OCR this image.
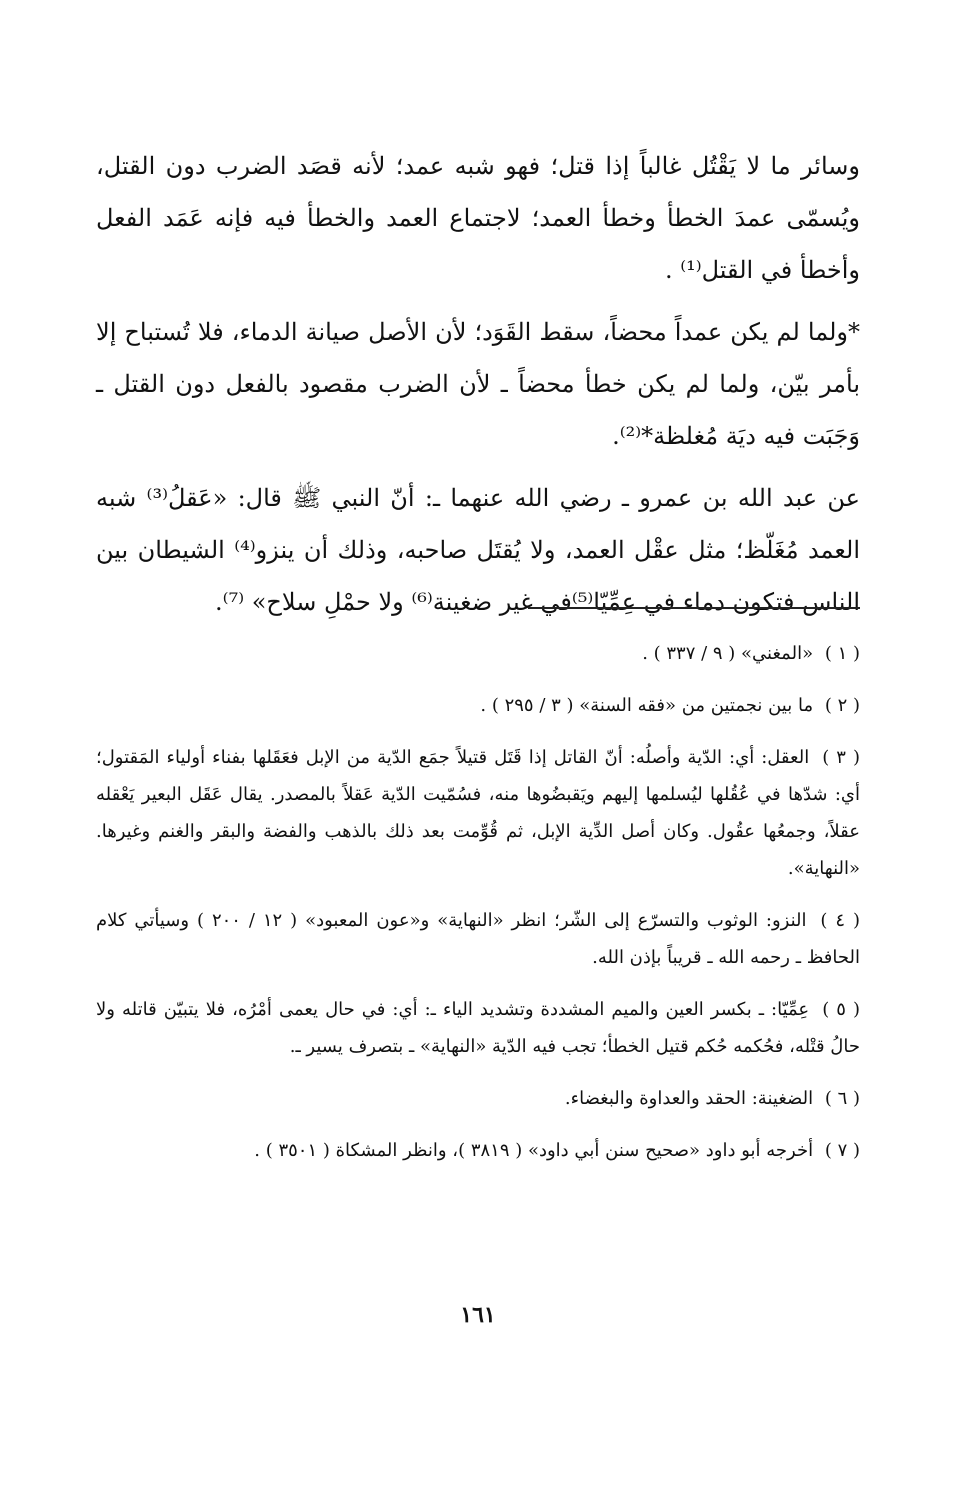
وسائر ما لا يَقْتُل غالباً إذا قتل؛ فهو شبه عمد؛ لأنه قصَد الضرب دون القتل، ويُسمّى عمدَ الخطأ وخطأ العمد؛ لاجتماع العمد والخطأ فيه فإنه عَمَد الفعل وأخطأ في القتل⁽¹⁾ .

*ولما لم يكن عمداً محضاً، سقط القَوَد؛ لأن الأصل صيانة الدماء، فلا تُستباح إلا بأمر بيّن، ولما لم يكن خطأ محضاً ـ لأن الضرب مقصود بالفعل دون القتل ـ وَجَبَت فيه ديَة مُغلظة*⁽²⁾.

عن عبد الله بن عمرو ـ رضي الله عنهما ـ: أنّ النبي ﷺ قال: «عَقلُ⁽³⁾ شبه العمد مُغَلّظ؛ مثل عقْل العمد، ولا يُقتَل صاحبه، وذلك أن ينزو⁽⁴⁾ الشيطان بين الناس فتكون دماء في عِمِّيّا⁽⁵⁾في غير ضغينة⁽⁶⁾ ولا حمْلِ سلاح» ⁽⁷⁾.

( ١ ) «المغني» ( ٩ / ٣٣٧ ) .

( ٢ ) ما بين نجمتين من «فقه السنة» ( ٣ / ٢٩٥ ) .

( ٣ ) العقل: أي: الدّية وأصلُه: أنّ القاتل إذا قَتَل قتيلاً جمَع الدّية من الإبل فعَقَلها بفناء أولياء المَقتول؛ أي: شدّها في عُقُلها ليُسلمها إليهم ويَقبضُوها منه، فسُمّيت الدّية عَقلاً بالمصدر. يقال عَقَل البعير يَعْقله عقلاً، وجمعُها عقُول. وكان أصل الدِّية الإبل، ثم قُوِّمت بعد ذلك بالذهب والفضة والبقر والغنم وغيرها. «النهاية».

( ٤ ) النزو: الوثوب والتسرّع إلى الشّر؛ انظر «النهاية» و«عون المعبود» ( ١٢ / ٢٠٠ ) وسيأتي كلام الحافظ ـ رحمه الله ـ قريباً بإذن الله.

( ٥ ) عِمِّيّا: ـ بكسر العين والميم المشددة وتشديد الياء ـ: أي: في حال يعمى أمْرُه، فلا يتبيّن قاتله ولا حالُ قتْله، فحُكمه حُكم قتيل الخطأ؛ تجب فيه الدّية «النهاية» ـ بتصرف يسير ـ.

( ٦ ) الضغينة: الحقد والعداوة والبغضاء.

( ٧ ) أخرجه أبو داود «صحيح سنن أبي داود» ( ٣٨١٩ )، وانظر المشكاة ( ٣٥٠١ ) .

١٦١
